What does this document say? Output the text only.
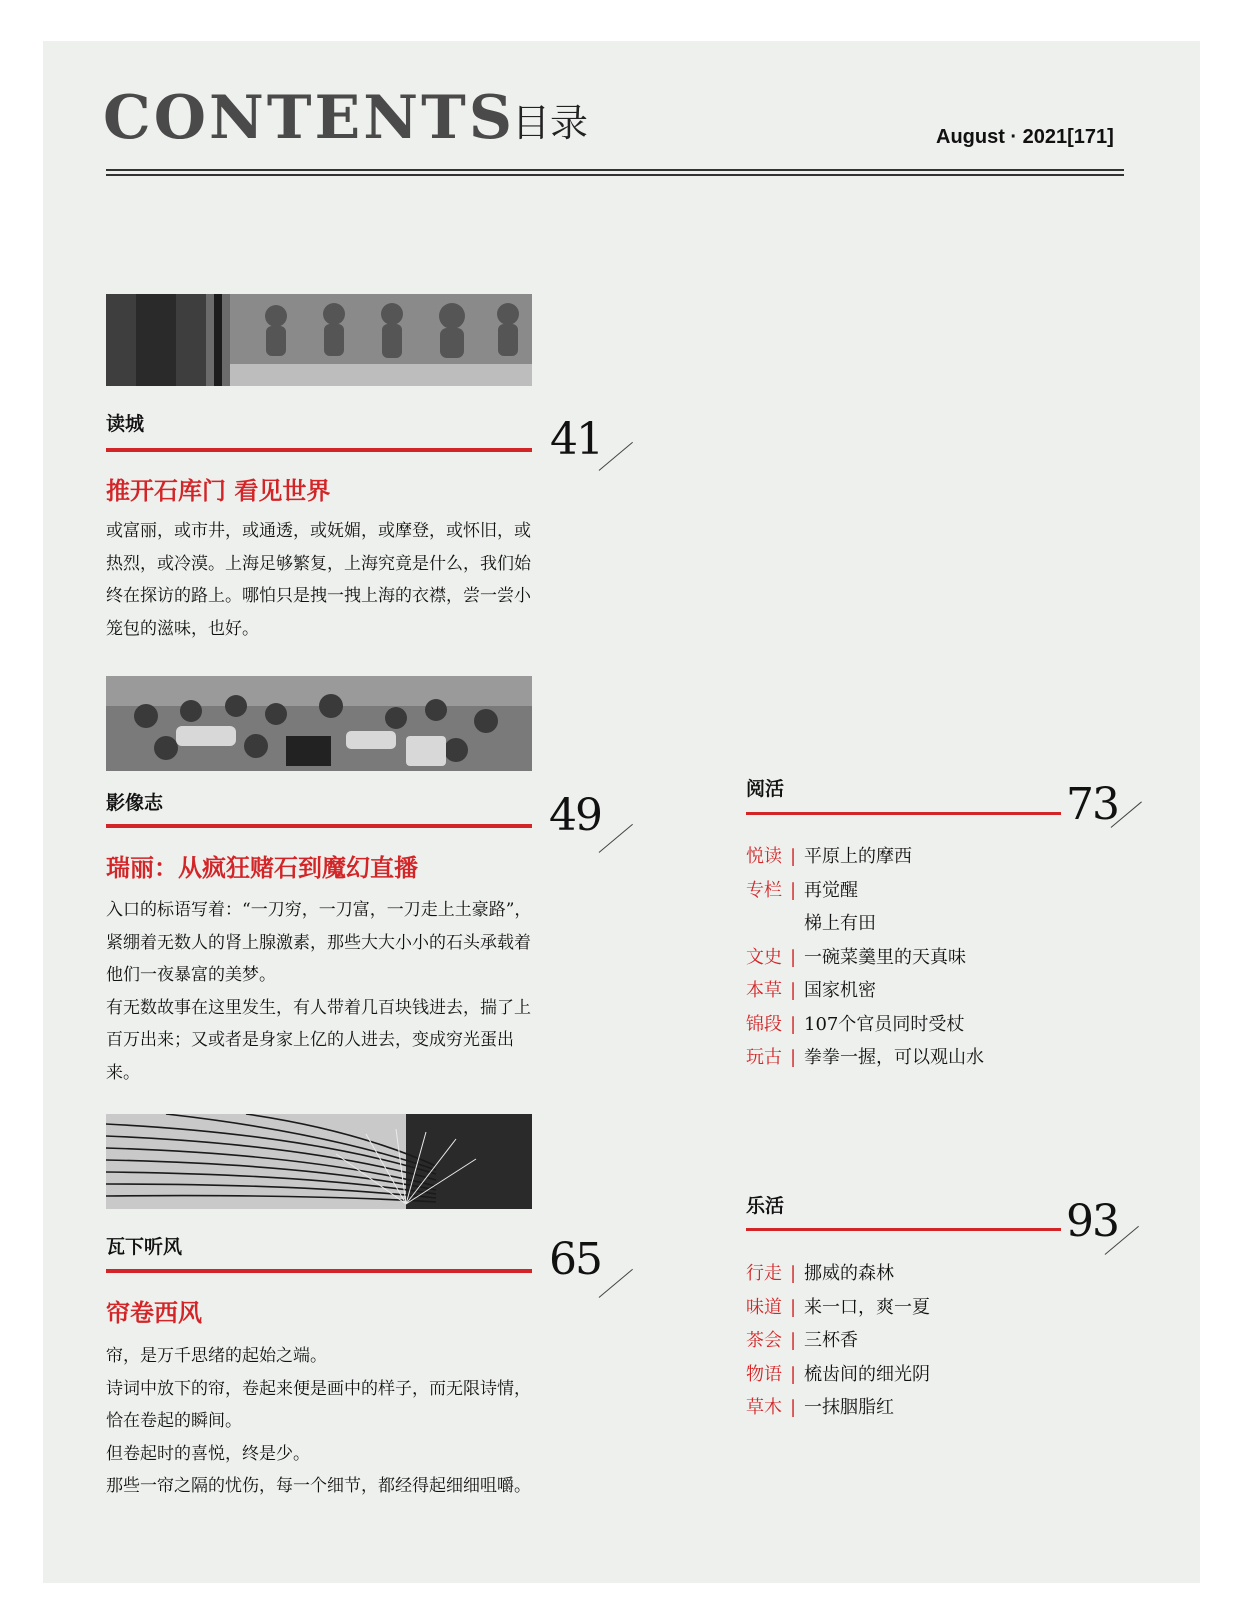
CONTENTS
目录	August · 2021[171]
读城	41
推开石库门 看见世界

或富丽，或市井，或通透，或妩媚，或摩登，或怀旧，或热烈，或冷漠。上海足够繁复，上海究竟是什么，我们始终在探访的路上。哪怕只是拽一拽上海的衣襟，尝一尝小笼包的滋味，也好。

影像志	49
瑞丽：从疯狂赌石到魔幻直播

入口的标语写着：“一刀穷，一刀富，一刀走上土豪路”，紧绷着无数人的肾上腺激素，那些大大小小的石头承载着他们一夜暴富的美梦。

有无数故事在这里发生，有人带着几百块钱进去，揣了上百万出来；又或者是身家上亿的人进去，变成穷光蛋出来。

瓦下听风	65
帘卷西风

帘，是万千思绪的起始之端。

诗词中放下的帘，卷起来便是画中的样子，而无限诗情，恰在卷起的瞬间。

但卷起时的喜悦，终是少。

那些一帘之隔的忧伤，每一个细节，都经得起细细咀嚼。

阅活	73
悦读 | 平原上的摩西
专栏 | 再觉醒
梯上有田
文史 | 一碗菜羹里的天真味
本草 | 国家机密
锦段 | 107个官员同时受杖
玩古 | 拳拳一握，可以观山水
乐活	93
行走 | 挪威的森林
味道 | 来一口，爽一夏
茶会 | 三杯香
物语 | 梳齿间的细光阴
草木 | 一抹胭脂红
